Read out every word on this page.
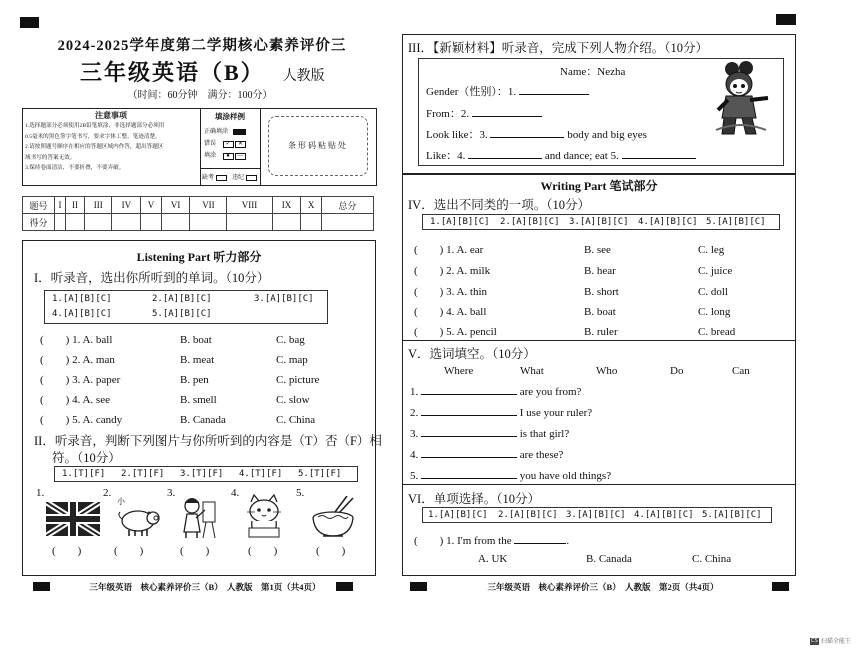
2024-2025学年度第二学期核心素养评价三
三年级英语（B） 人教版
（时间：60分钟　满分：100分）
注意事项
1.选择题部分必须使用2B铅笔填涂，非选择题部分必须用
0.5毫米的黑色签字笔书写，要求字体工整，笔迹清楚。
2.请按照题号顺序在相应的答题区域内作答，超出答题区
域书写的答案无效。
3.保持卷面清洁，不要折叠，不要弄破。
填涂样例
正确填涂
错误 ✓ ✕
填涂 ● —
缺考	违纪
条形码粘贴处
题号	I	II	III	IV	V	VI	VII	VIII	IX	X	总分
得分											
Listening Part 听力部分
I．听录音，选出你所听到的单词。（10分）
1.[A][B][C]	2.[A][B][C]	3.[A][B][C]
4.[A][B][C]	5.[A][B][C]
(　　) 1. A. ball	B. boat	C. bag
(　　) 2. A. man	B. meat	C. map
(　　) 3. A. paper	B. pen	C. picture
(　　) 4. A. see	B. smell	C. slow
(　　) 5. A. candy	B. Canada	C. China
II．听录音，判断下列图片与你所听到的内容是（T）否（F）相
符。（10分）
1.[T][F] 2.[T][F] 3.[T][F] 4.[T][F] 5.[T][F]
1.	2.	3.	4.	5.
小
(　　)	(　　)	(　　)	(　　)	(　　)
三年级英语　核心素养评价三（B）　人教版　第1页（共4页）
III．【新颖材料】听录音，完成下列人物介绍。（10分）
Name：Nezha
Gender（性别）：1.
From：2.
Look like：3.	body and big eyes
Like：4.	and dance; eat 5.
Writing Part 笔试部分
IV．选出不同类的一项。（10分）
1.[A][B][C] 2.[A][B][C] 3.[A][B][C] 4.[A][B][C] 5.[A][B][C]
(　　) 1. A. ear	B. see	C. leg
(　　) 2. A. milk	B. hear	C. juice
(　　) 3. A. thin	B. short	C. doll
(　　) 4. A. ball	B. boat	C. long
(　　) 5. A. pencil	B. ruler	C. bread
V．选词填空。（10分）
Where	What	Who	Do	Can
1.	are you from?
2.	I use your ruler?
3.	is that girl?
4.	are these?
5.	you have old things?
VI．单项选择。（10分）
1.[A][B][C] 2.[A][B][C] 3.[A][B][C] 4.[A][B][C] 5.[A][B][C]
(　　) 1. I'm from the	.
A. UK	B. Canada	C. China
三年级英语　核心素养评价三（B）　人教版　第2页（共4页）
CS 扫描全能王
